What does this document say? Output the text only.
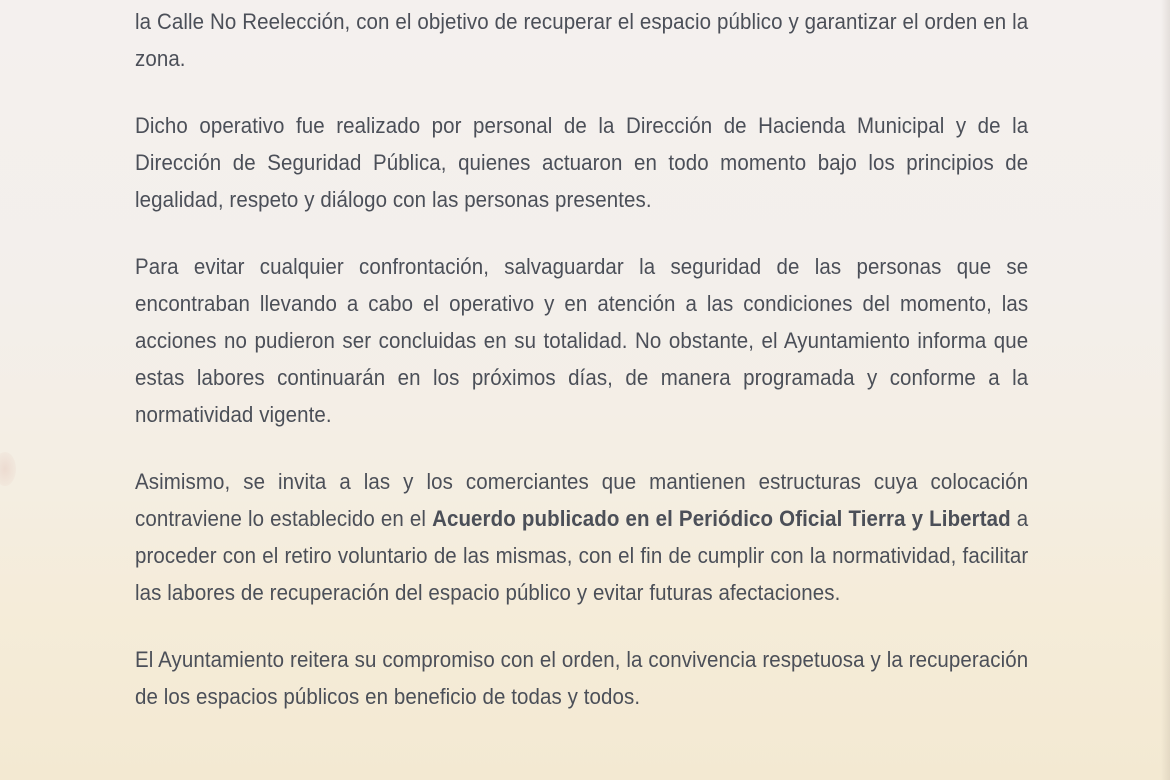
la Calle No Reelección, con el objetivo de recuperar el espacio público y garantizar el orden en la zona.

Dicho operativo fue realizado por personal de la Dirección de Hacienda Municipal y de la Dirección de Seguridad Pública, quienes actuaron en todo momento bajo los principios de legalidad, respeto y diálogo con las personas presentes.

Para evitar cualquier confrontación, salvaguardar la seguridad de las personas que se encontraban llevando a cabo el operativo y en atención a las condiciones del momento, las acciones no pudieron ser concluidas en su totalidad. No obstante, el Ayuntamiento informa que estas labores continuarán en los próximos días, de manera programada y conforme a la normatividad vigente.

Asimismo, se invita a las y los comerciantes que mantienen estructuras cuya colocación contraviene lo establecido en el Acuerdo publicado en el Periódico Oficial Tierra y Libertad a proceder con el retiro voluntario de las mismas, con el fin de cumplir con la normatividad, facilitar las labores de recuperación del espacio público y evitar futuras afectaciones.

El Ayuntamiento reitera su compromiso con el orden, la convivencia respetuosa y la recuperación de los espacios públicos en beneficio de todas y todos.
